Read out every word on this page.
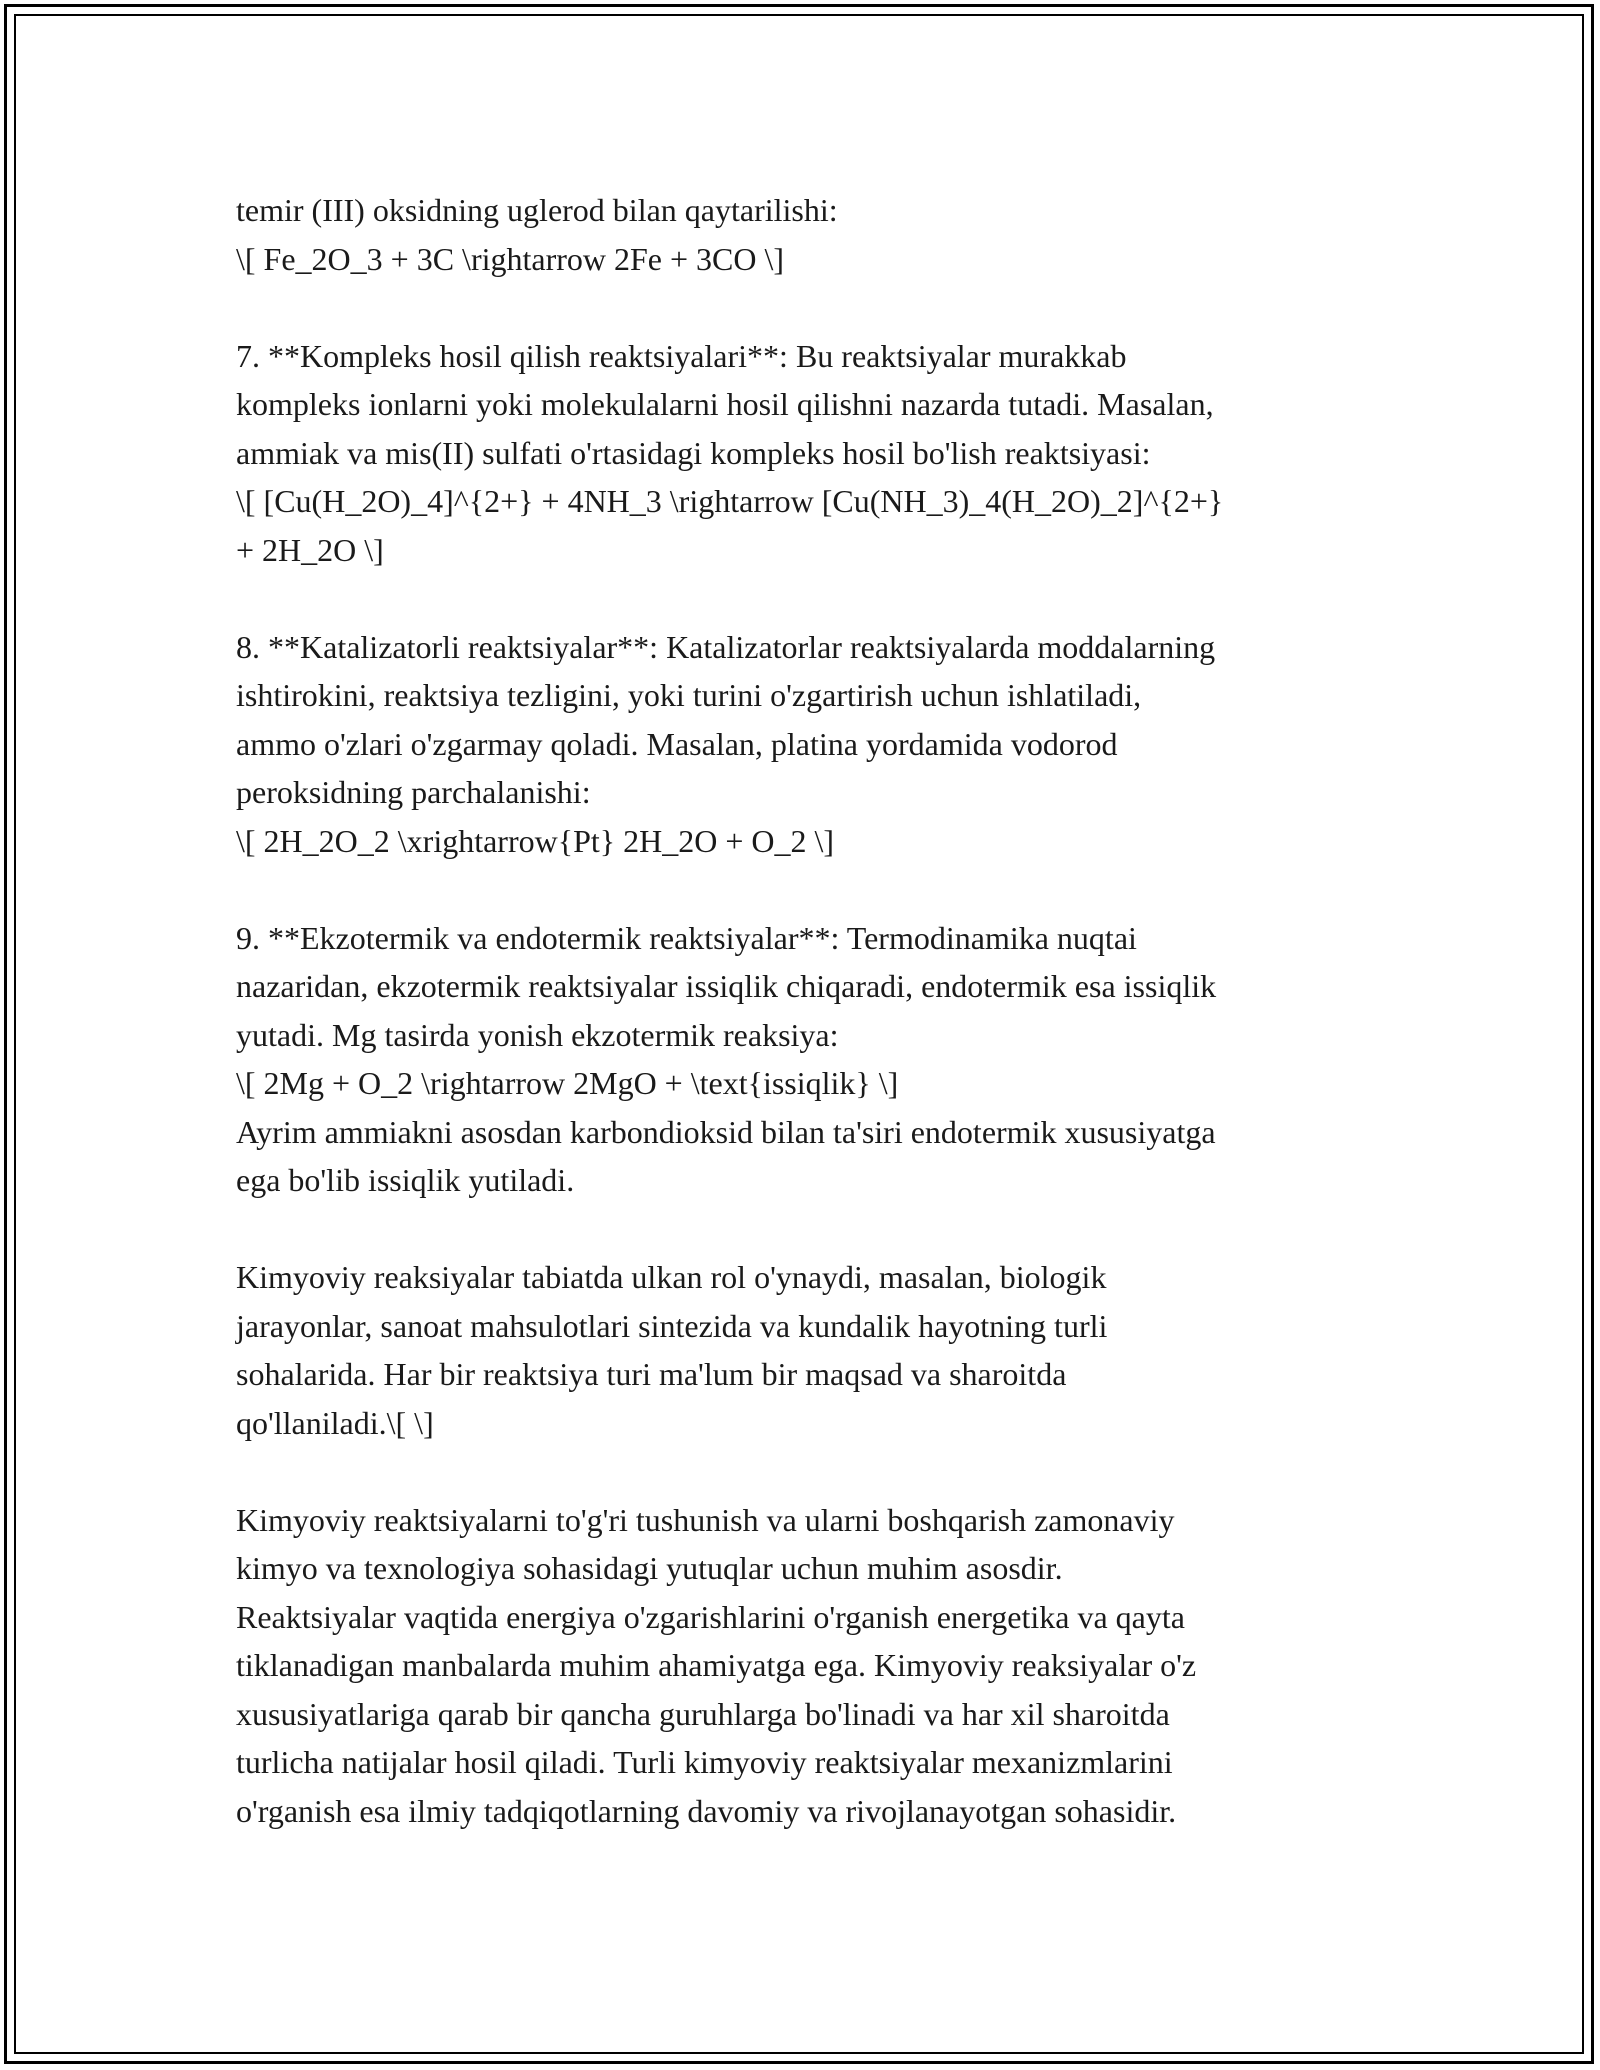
temir (III) oksidning uglerod bilan qaytarilishi:
\[ Fe_2O_3 + 3C \rightarrow 2Fe + 3CO \]
7. **Kompleks hosil qilish reaktsiyalari**: Bu reaktsiyalar murakkab
kompleks ionlarni yoki molekulalarni hosil qilishni nazarda tutadi. Masalan,
ammiak va mis(II) sulfati o'rtasidagi kompleks hosil bo'lish reaktsiyasi:
\[ [Cu(H_2O)_4]^{2+} + 4NH_3 \rightarrow [Cu(NH_3)_4(H_2O)_2]^{2+}
+ 2H_2O \]
8. **Katalizatorli reaktsiyalar**: Katalizatorlar reaktsiyalarda moddalarning
ishtirokini, reaktsiya tezligini, yoki turini o'zgartirish uchun ishlatiladi,
ammo o'zlari o'zgarmay qoladi. Masalan, platina yordamida vodorod
peroksidning parchalanishi:
\[ 2H_2O_2 \xrightarrow{Pt} 2H_2O + O_2 \]
9. **Ekzotermik va endotermik reaktsiyalar**: Termodinamika nuqtai
nazaridan, ekzotermik reaktsiyalar issiqlik chiqaradi, endotermik esa issiqlik
yutadi. Mg tasirda yonish ekzotermik reaksiya:
\[ 2Mg + O_2 \rightarrow 2MgO + \text{issiqlik} \]
Ayrim ammiakni asosdan karbondioksid bilan ta'siri endotermik xususiyatga
ega bo'lib issiqlik yutiladi.
Kimyoviy reaksiyalar tabiatda ulkan rol o'ynaydi, masalan, biologik
jarayonlar, sanoat mahsulotlari sintezida va kundalik hayotning turli
sohalarida. Har bir reaktsiya turi ma'lum bir maqsad va sharoitda
qo'llaniladi.\[ \]
Kimyoviy reaktsiyalarni to'g'ri tushunish va ularni boshqarish zamonaviy
kimyo va texnologiya sohasidagi yutuqlar uchun muhim asosdir.
Reaktsiyalar vaqtida energiya o'zgarishlarini o'rganish energetika va qayta
tiklanadigan manbalarda muhim ahamiyatga ega. Kimyoviy reaksiyalar o'z
xususiyatlariga qarab bir qancha guruhlarga bo'linadi va har xil sharoitda
turlicha natijalar hosil qiladi. Turli kimyoviy reaktsiyalar mexanizmlarini
o'rganish esa ilmiy tadqiqotlarning davomiy va rivojlanayotgan sohasidir.
